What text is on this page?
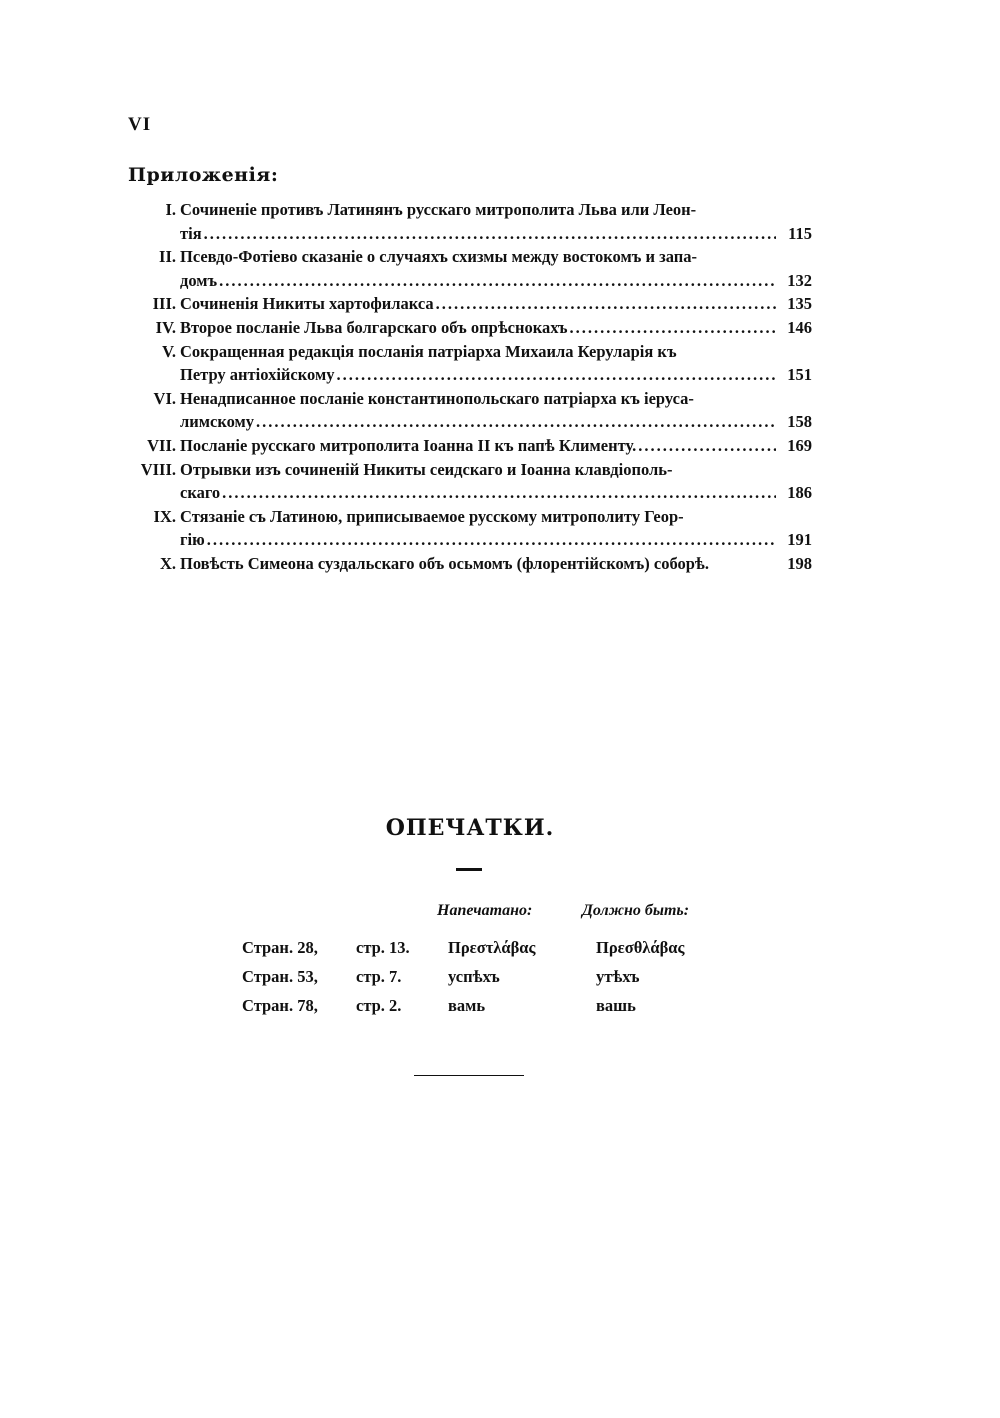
VI
Приложенія:
I. Сочиненіе противъ Латинянъ русскаго митрополита Льва или Леон-
тія .....	115
II. Псевдо-Фотіево сказаніе о случаяхъ схизмы между востокомъ и запа-
домъ .....	132
III. Сочиненія Никиты хартофилакса .....	135
IV. Второе посланіе Льва болгарскаго объ опрѣснокахъ .....	146
V. Сокращенная редакція посланія патріарха Михаила Керуларія къ
Петру антіохійскому .....	151
VI. Ненадписанное посланіе константинопольскаго патріарха къ іеруса-
лимскому .....	158
VII. Посланіе русскаго митрополита Іоанна II къ папѣ Клименту. .....	169
VIII. Отрывки изъ сочиненій Никиты сеидскаго и Іоанна клавдіополь-
скаго .....	186
IX. Стязаніе съ Латиною, приписываемое русскому митрополиту Геор-
гію .....	191
X. Повѣсть Симеона суздальскаго объ осьмомъ (флорентійскомъ) соборѣ.	198
ОПЕЧАТКИ.
Напечатано:	Должно быть:
Стран. 28, стр. 13. Πρεστλάβας	Πρεσθλάβας
Стран. 53, стр. 7.	успѣхъ	утѣхъ
Стран. 78, стр. 2.	вамь	вашь
